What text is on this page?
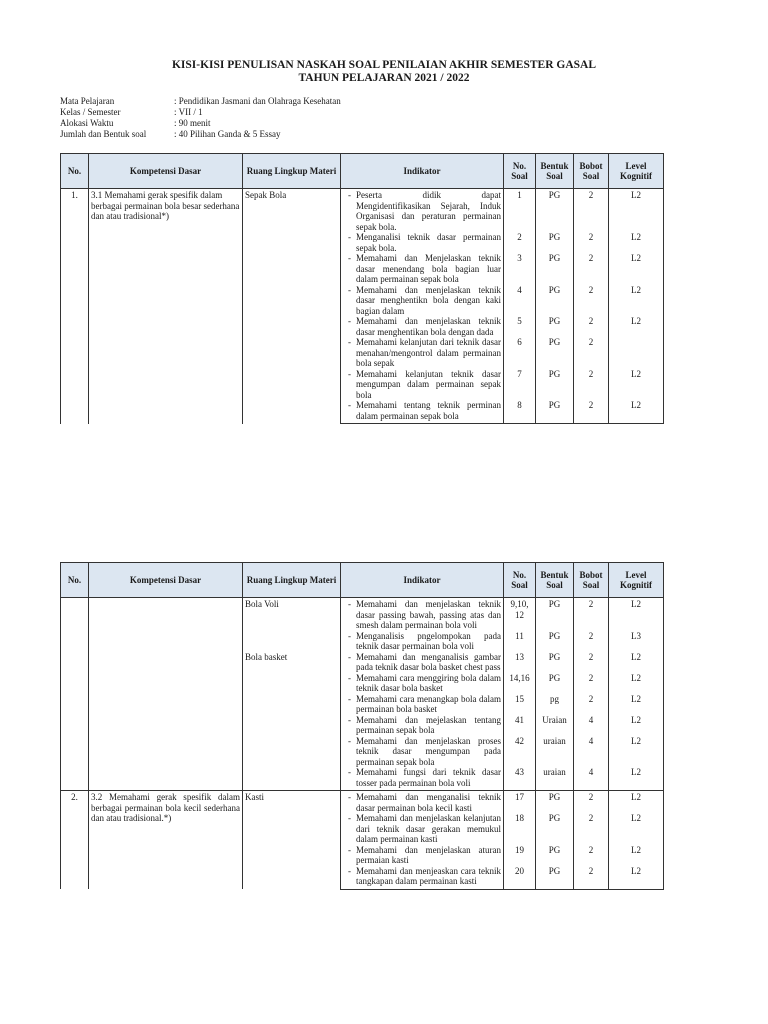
KISI-KISI PENULISAN NASKAH SOAL PENILAIAN AKHIR SEMESTER GASAL
TAHUN PELAJARAN 2021 / 2022
Mata Pelajaran	: Pendidikan Jasmani dan Olahraga Kesehatan
Kelas / Semester	: VII / 1
Alokasi Waktu	: 90 menit
Jumlah dan Bentuk soal	: 40 Pilihan Ganda & 5 Essay
No.	Kompetensi Dasar	Ruang Lingkup Materi	Indikator	No. Soal	Bentuk Soal	Bobot Soal	Level Kognitif
1.	3.1 Memahami gerak spesifik dalam berbagai permainan bola besar sederhana dan atau tradisional*)	Sepak Bola	- Peserta didik dapat Mengidentifikasikan Sejarah, Induk Organisasi dan peraturan permainan sepak bola.	1	PG	2	L2

			- Menganalisi teknik dasar permainan sepak bola.	2	PG	2	L2

			- Memahami dan Menjelaskan teknik dasar menendang bola bagian luar dalam permainan sepak bola	3	PG	2	L2

			- Memahami dan menjelaskan teknik dasar menghentikn bola dengan kaki bagian dalam	4	PG	2	L2

			- Memahami dan menjelaskan teknik dasar menghentikan bola dengan dada	5	PG	2	L2

			- Memahami kelanjutan dari teknik dasar menahan/mengontrol dalam permainan bola sepak	6	PG	2	

			- Memahami kelanjutan teknik dasar mengumpan dalam permainan sepak bola	7	PG	2	L2

			- Memahami tentang teknik perminan dalam permainan sepak bola	8	PG	2	L2
No.	Kompetensi Dasar	Ruang Lingkup Materi	Indikator	No. Soal	Bentuk Soal	Bobot Soal	Level Kognitif
		Bola Voli	- Memahami dan menjelaskan teknik dasar passing bawah, passing atas dan smesh dalam permainan bola voli	9,10, 12	PG	2	L2

			- Menganalisis pngelompokan pada teknik dasar permainan bola voli	11	PG	2	L3
		Bola basket	- Memahami dan menganalisis gambar pada teknik dasar bola basket chest pass	13	PG	2	L2

			- Memahami cara menggiring bola dalam teknik dasar bola basket	14,16	PG	2	L2

			- Memahami cara menangkap bola dalam permainan bola basket	15	pg	2	L2

			- Memahami dan mejelaskan tentang permainan sepak bola	41	Uraian	4	L2

			- Memahami dan menjelaskan proses teknik dasar mengumpan pada permainan sepak bola	42	uraian	4	L2

			- Memahami fungsi dari teknik dasar tosser pada permainan bola voli	43	uraian	4	L2
2.	3.2 Memahami gerak spesifik dalam berbagai permainan bola kecil sederhana dan atau tradisional.*)	Kasti	- Memahami dan menganalisi teknik dasar permainan bola kecil kasti	17	PG	2	L2

			- Memahami dan menjelaskan kelanjutan dari teknik dasar gerakan memukul dalam permainan kasti	18	PG	2	L2

			- Memahami dan menjelaskan aturan permaian kasti	19	PG	2	L2

			- Memahami dan menjeaskan cara teknik tangkapan dalam permainan kasti	20	PG	2	L2
